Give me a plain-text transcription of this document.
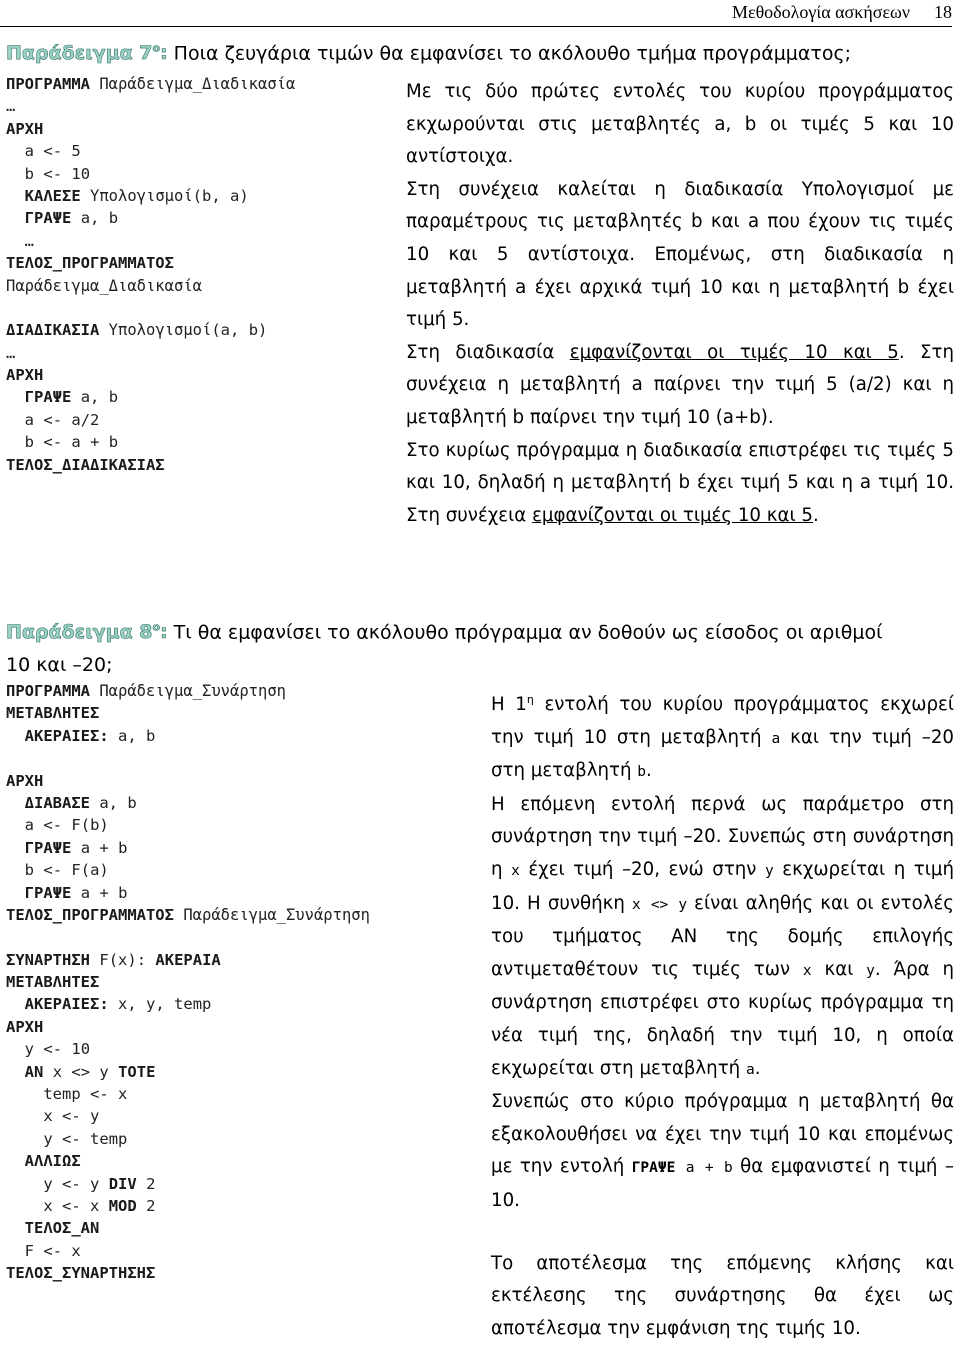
Μεθοδολογία ασκήσεων 18
Παράδειγμα $7^o$: Ποια ζευγάρια τιμών θα εμφανίσει το ακόλουθο τμήμα προγράμματος;
ΠΡΟΓΡΑΜΜΑ Παράδειγμα_Διαδικασία
…
ΑΡΧΗ
a <- 5
b <- 10
ΚΑΛΕΣΕ Υπολογισμοί(b, a)
ΓΡΑΨΕ a, b
…
ΤΕΛΟΣ_ΠΡΟΓΡΑΜΜΑΤΟΣ
Παράδειγμα_Διαδικασία
ΔΙΑΔΙΚΑΣΙΑ Υπολογισμοί(a, b)
…
ΑΡΧΗ
ΓΡΑΨΕ a, b
a <- a/2
b <- a + b
ΤΕΛΟΣ_ΔΙΑΔΙΚΑΣΙΑΣ

Με τις δύο πρώτες εντολές του κυρίου προγράμματος εκχωρούνται στις μεταβλητές a, b οι τιμές 5 και 10 αντίστοιχα.

Στη συνέχεια καλείται η διαδικασία Υπολογισμοί με παραμέτρους τις μεταβλητές b και a που έχουν τις τιμές 10 και 5 αντίστοιχα. Επομένως, στη διαδικασία η μεταβλητή a έχει αρχικά τιμή 10 και η μεταβλητή b έχει τιμή 5.

Στη διαδικασία εμφανίζονται οι τιμές 10 και 5. Στη συνέχεια η μεταβλητή a παίρνει την τιμή 5 (a/2) και η μεταβλητή b παίρνει την τιμή 10 (a+b).

Στο κυρίως πρόγραμμα η διαδικασία επιστρέφει τις τιμές 5 και 10, δηλαδή η μεταβλητή b έχει τιμή 5 και η a τιμή 10. Στη συνέχεια εμφανίζονται οι τιμές 10 και 5.

Παράδειγμα $8^o$: Τι θα εμφανίσει το ακόλουθο πρόγραμμα αν δοθούν ως είσοδος οι αριθμοί
10 και –20;
ΠΡΟΓΡΑΜΜΑ Παράδειγμα_Συνάρτηση
ΜΕΤΑΒΛΗΤΕΣ
ΑΚΕΡΑΙΕΣ: a, b
ΑΡΧΗ
ΔΙΑΒΑΣΕ a, b
a <- F(b)
ΓΡΑΨΕ a + b
b <- F(a)
ΓΡΑΨΕ a + b
ΤΕΛΟΣ_ΠΡΟΓΡΑΜΜΑΤΟΣ Παράδειγμα_Συνάρτηση
ΣΥΝΑΡΤΗΣΗ F(x): ΑΚΕΡΑΙΑ
ΜΕΤΑΒΛΗΤΕΣ
ΑΚΕΡΑΙΕΣ: x, y, temp
ΑΡΧΗ
y <- 10
ΑΝ x <> y ΤΟΤΕ
temp <- x
x <- y
y <- temp
ΑΛΛΙΩΣ
y <- y DIV 2
x <- x MOD 2
ΤΕΛΟΣ_ΑΝ
F <- x
ΤΕΛΟΣ_ΣΥΝΑΡΤΗΣΗΣ

Η $1^\eta$ εντολή του κυρίου προγράμματος εκχωρεί την τιμή 10 στη μεταβλητή a και την τιμή –20 στη μεταβλητή b.

Η επόμενη εντολή περνά ως παράμετρο στη συνάρτηση την τιμή –20. Συνεπώς στη συνάρτηση η x έχει τιμή –20, ενώ στην y εκχωρείται η τιμή 10. Η συνθήκη x <> y είναι αληθής και οι εντολές του τμήματος ΑΝ της δομής επιλογής αντιμεταθέτουν τις τιμές των x και y. Άρα η συνάρτηση επιστρέφει στο κυρίως πρόγραμμα τη νέα τιμή της, δηλαδή την τιμή 10, η οποία εκχωρείται στη μεταβλητή a.

Συνεπώς στο κύριο πρόγραμμα η μεταβλητή θα εξακολουθήσει να έχει την τιμή 10 και επομένως με την εντολή ΓΡΑΨΕ a + b θα εμφανιστεί η τιμή –10.

Το αποτέλεσμα της επόμενης κλήσης και εκτέλεσης της συνάρτησης θα έχει ως αποτέλεσμα την εμφάνιση της τιμής 10.
